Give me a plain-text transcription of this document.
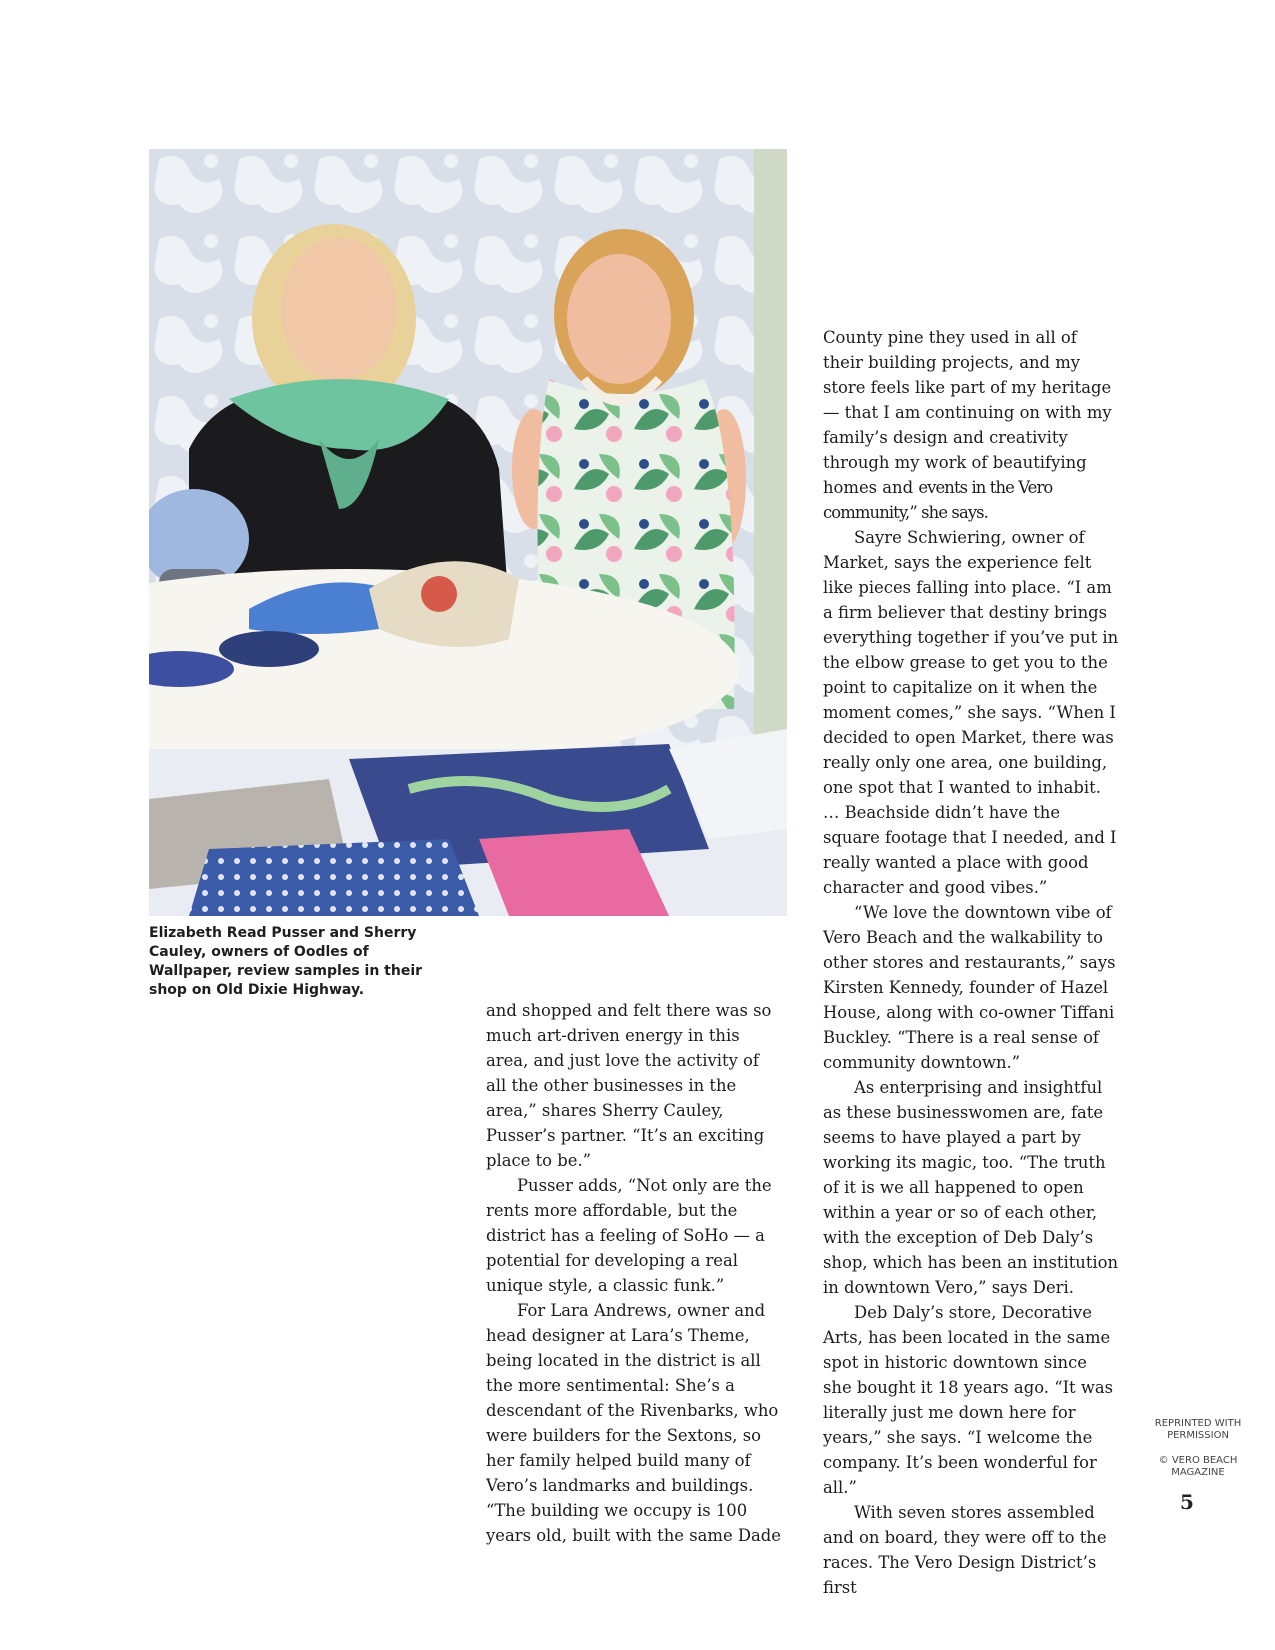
Elizabeth Read Pusser and Sherry Cauley, owners of Oodles of Wallpaper, review samples in their shop on Old Dixie Highway.

and shopped and felt there was so much art-driven energy in this area, and just love the activity of all the other businesses in the area,” shares Sherry Cauley, Pusser’s partner. “It’s an exciting place to be.”

Pusser adds, “Not only are the rents more affordable, but the district has a feeling of SoHo — a potential for developing a real unique style, a classic funk.”

For Lara Andrews, owner and head designer at Lara’s Theme, being located in the district is all the more sentimental: She’s a descendant of the Rivenbarks, who were builders for the Sextons, so her family helped build many of Vero’s landmarks and buildings. “The building we occupy is 100 years old, built with the same Dade

County pine they used in all of their building projects, and my store feels like part of my heritage — that I am continuing on with my family’s design and creativity through my work of beautifying homes and events in the Vero community,” she says.

Sayre Schwiering, owner of Market, says the experience felt like pieces falling into place. “I am a firm believer that destiny brings everything together if you’ve put in the elbow grease to get you to the point to capitalize on it when the moment comes,” she says. “When I decided to open Market, there was really only one area, one building, one spot that I wanted to inhabit. … Beachside didn’t have the square footage that I needed, and I really wanted a place with good character and good vibes.”

“We love the downtown vibe of Vero Beach and the walkability to other stores and restaurants,” says Kirsten Kennedy, founder of Hazel House, along with co-owner Tiffani Buckley. “There is a real sense of community downtown.”

As enterprising and insightful as these businesswomen are, fate seems to have played a part by working its magic, too. “The truth of it is we all happened to open within a year or so of each other, with the exception of Deb Daly’s shop, which has been an institution in downtown Vero,” says Deri.

Deb Daly’s store, Decorative Arts, has been located in the same spot in historic downtown since she bought it 18 years ago. “It was literally just me down here for years,” she says. “I welcome the company. It’s been wonderful for all.”

With seven stores assembled and on board, they were off to the races. The Vero Design District’s first

REPRINTED WITH PERMISSION
© VERO BEACH MAGAZINE
5
